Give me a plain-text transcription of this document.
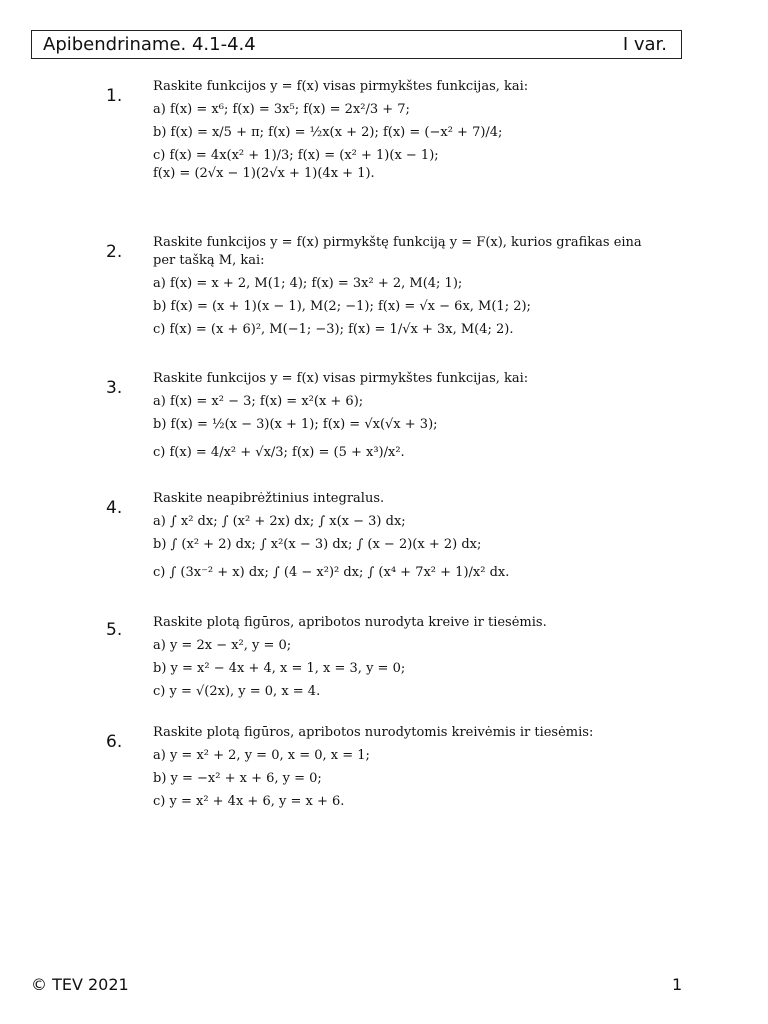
Apibendriname. 4.1-4.4	I var.
1. Raskite funkcijos y = f(x) visas pirmykštes funkcijas, kai:
a) f(x) = x⁶; f(x) = 3x⁵; f(x) = 2x²/3 + 7;
b) f(x) = x/5 + π; f(x) = ½x(x + 2); f(x) = (−x² + 7)/4;
c) f(x) = 4x(x² + 1)/3; f(x) = (x² + 1)(x − 1);
f(x) = (2√x − 1)(2√x + 1)(4x + 1).
2. Raskite funkcijos y = f(x) pirmykštę funkciją y = F(x), kurios grafikas eina
per tašką M, kai:
a) f(x) = x + 2, M(1; 4); f(x) = 3x² + 2, M(4; 1);
b) f(x) = (x + 1)(x − 1), M(2; −1); f(x) = √x − 6x, M(1; 2);
c) f(x) = (x + 6)², M(−1; −3); f(x) = 1/√x + 3x, M(4; 2).
3. Raskite funkcijos y = f(x) visas pirmykštes funkcijas, kai:
a) f(x) = x² − 3; f(x) = x²(x + 6);
b) f(x) = ½(x − 3)(x + 1); f(x) = √x(√x + 3);
c) f(x) = 4/x² + √x/3; f(x) = (5 + x³)/x².
4. Raskite neapibrėžtinius integralus.
a) ∫ x² dx; ∫ (x² + 2x) dx; ∫ x(x − 3) dx;
b) ∫ (x² + 2) dx; ∫ x²(x − 3) dx; ∫ (x − 2)(x + 2) dx;
c) ∫ (3x⁻² + x) dx; ∫ (4 − x²)² dx; ∫ (x⁴ + 7x² + 1)/x² dx.
5. Raskite plotą figūros, apribotos nurodyta kreive ir tiesėmis.
a) y = 2x − x², y = 0;
b) y = x² − 4x + 4, x = 1, x = 3, y = 0;
c) y = √(2x), y = 0, x = 4.
6. Raskite plotą figūros, apribotos nurodytomis kreivėmis ir tiesėmis:
a) y = x² + 2, y = 0, x = 0, x = 1;
b) y = −x² + x + 6, y = 0;
c) y = x² + 4x + 6, y = x + 6.
© TEV 2021	1
